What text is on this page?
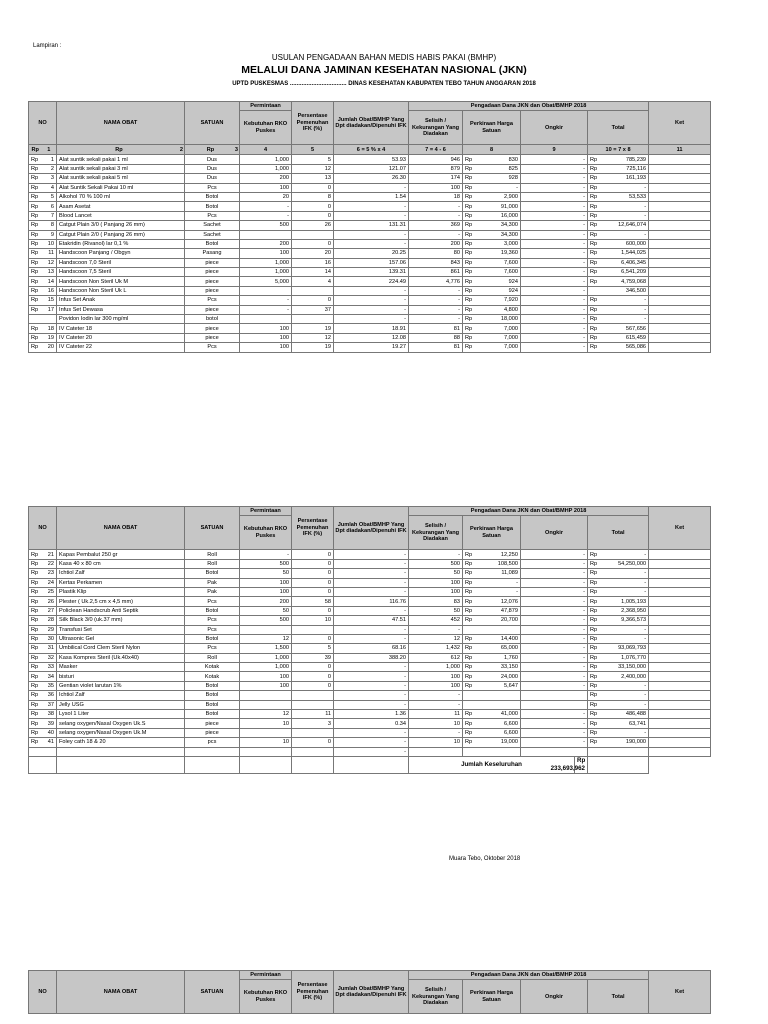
Lampiran :
USULAN PENGADAAN BAHAN MEDIS HABIS PAKAI (BMHP)
MELALUI DANA JAMINAN KESEHATAN NASIONAL (JKN)
UPTD PUSKESMAS .................................. DINAS KESEHATAN KABUPATEN TEBO TAHUN ANGGARAN 2018
NO		NAMA OBAT	SATUAN	Permintaan	Persentase Pemenuhan IFK (%)	Jumlah Obat/BMHP Yang Dpt diadakan/Dipenuhi IFK	Pengadaan Dana JKN dan Obat/BMHP 2018					Ket
				Kebutuhan RKO Puskes			Selisih / Kekurangan Yang Diadakan	Perkiraan Harga Satuan		Ongkir	Total	
Rp	1	Rp 2	Rp 3	4	5	6 = 5 % x 4	7 = 4 - 6	8		9	10 = 7 x 8	11
Rp	1	Alat suntik sekali pakai 1 ml	Dus	1,000	5	53.93	946	Rp	830	-	Rp 785,239	

Rp	2	Alat suntik sekali pakai 3 ml	Dus	1,000	12	121.07	879	Rp	825	-	Rp 725,116	

Rp	3	Alat suntik sekali pakai 5 ml	Dus	200	13	26.30	174	Rp	928	-	Rp 161,193	

Rp	4	Alat Suntik Sekali Pakai 10 ml	Pcs	100	0	-	100	Rp	-	-	Rp -	

Rp	5	Alkohol 70 % 100 ml	Botol	20	8	1.54	18	Rp	2,900	-	Rp 53,533	

Rp	6	Asam Asetat	Botol	-	0	-	-	Rp	91,000	-	Rp -	

Rp	7	Blood Lancet	Pcs	-	0	-	-	Rp	16,000	-	Rp -	

Rp	8	Catgut Plain 3/0 ( Panjang 26 mm)	Sachet	500	26	131.31	369	Rp	34,300	-	Rp 12,646,074	

Rp	9	Catgut Plain 2/0 ( Panjang 26 mm)	Sachet			-	-	Rp	34,300	-	Rp -	

Rp	10	Etakridin (Rivanol) lar 0,1 %	Botol	200	0	-	200	Rp	3,000	-	Rp 600,000	

Rp	11	Handscoon Panjang / Obgyn	Pasang	100	20	20.25	80	Rp	19,360	-	Rp 1,544,025	

Rp	12	Handscoon 7,0 Steril	piece	1,000	16	157.06	843	Rp	7,600	-	Rp 6,406,345	

Rp	13	Handscoon 7,5 Steril	piece	1,000	14	139.31	861	Rp	7,600	-	Rp 6,541,209	

Rp	14	Handscoon Non Steril Uk M	piece	5,000	4	224.49	4,776	Rp	924	-	Rp 4,759,068	

Rp	16	Handscoon Non Steril Uk L	piece			-	-	Rp	924	-	346,500	

Rp	15	Infus Set Anak	Pcs	-	0	-	-	Rp	7,920	-	Rp -	

Rp	17	Infus Set Dewasa	piece	-	37	-	-	Rp	4,800	-	Rp -	

		Povidon Iodin lar 300 mg/ml	botol			-	-	Rp	18,000	-	Rp -	

Rp	18	IV Cateter 18	piece	100	19	18.91	81	Rp	7,000	-	Rp 567,656	

Rp	19	IV Cateter 20	piece	100	12	12.08	88	Rp	7,000	-	Rp 615,459	

Rp	20	IV Cateter 22	Pcs	100	19	19.27	81	Rp	7,000	-	Rp 565,086	

NO		NAMA OBAT	SATUAN	Permintaan	Persentase Pemenuhan IFK (%)	Jumlah Obat/BMHP Yang Dpt diadakan/Dipenuhi IFK	Pengadaan Dana JKN dan Obat/BMHP 2018						Ket
				Kebutuhan RKO Puskes			Selisih / Kekurangan Yang Diadakan	Perkiraan Harga Satuan		Ongkir		Total	
Rp	21	Kapas Pembalut 250 gr	Roll	-	0	-	-	Rp	12,250	-		Rp -	

Rp	22	Kasa 40 x 80 cm	Roll	500	0	-	500	Rp	108,500	-		Rp 54,250,000	

Rp	23	Ichtiol Zalf	Botol	50	0	-	50	Rp	11,089	-		Rp -	

Rp	24	Kertas Perkamen	Pak	100	0	-	100	Rp	-	-		Rp -	

Rp	25	Plastik Klip	Pak	100	0	-	100	Rp	-	-		Rp -	

Rp	26	Plester ( Uk.2,5 cm x 4,5 mm)	Pcs	200	58	116.76	83	Rp	12,076	-		Rp 1,005,193	

Rp	27	Policlean Handscrub Anti Septik	Botol	50	0	-	50	Rp	47,879	-		Rp 2,368,950	

Rp	28	Silk Black 3/0 (uk.37 mm)	Pcs	500	10	47.51	452	Rp	20,700	-		Rp 9,366,573	

Rp	29	Transfusi Set	Pcs			-	-			-		Rp -	

Rp	30	Ultrasonic Gel	Botol	12	0	-	12	Rp	14,400	-		Rp -	

Rp	31	Umbilical Cord Clem Steril Nylon	Pcs	1,500	5	68.16	1,432	Rp	65,000	-		Rp 93,069,793	

Rp	32	Kasa Kompres Steril (Uk.40x40)	Roll	1,000	39	388.20	612	Rp	1,760	-		Rp 1,076,770	

Rp	33	Masker	Kotak	1,000	0	-	1,000	Rp	33,150	-		Rp 33,150,000	

Rp	34	bisturi	Kotak	100	0	-	100	Rp	24,000	-		Rp 2,400,000	

Rp	35	Gentian violet larutan 1%	Botol	100	0	-	100	Rp	5,647	-		Rp -	

Rp	36	Ichtiol Zalf	Botol			-	-					Rp -	

Rp	37	Jelly USG	Botol			-	-					Rp -	

Rp	38	Lysol 1 Liter	Botol	12	11	1.36	11	Rp	41,000	-		Rp 486,488	

Rp	39	selang oxygen/Nasal Oxygen Uk.S	piece	10	3	0.34	10	Rp	6,600	-		Rp 63,741	

Rp	40	selang oxygen/Nasal Oxygen Uk.M	piece			-	-	Rp	6,600	-		Rp -	

Rp	41	Foley cath 18 & 20	pcs	10	0	-	10	Rp	19,000	-		Rp 190,000	

						-						

							Jumlah Keseluruhan				Rp
233,693,962		

NO	NAMA OBAT	SATUAN	Permintaan	Persentase Pemenuhan IFK (%)	Jumlah Obat/BMHP Yang Dpt diadakan/Dipenuhi IFK	Pengadaan Dana JKN dan Obat/BMHP 2018				Ket
			Kebutuhan RKO Puskes			Selisih / Kekurangan Yang Diadakan	Perkiraan Harga Satuan	Ongkir	Total	
Muara Tebo, Oktober 2018
